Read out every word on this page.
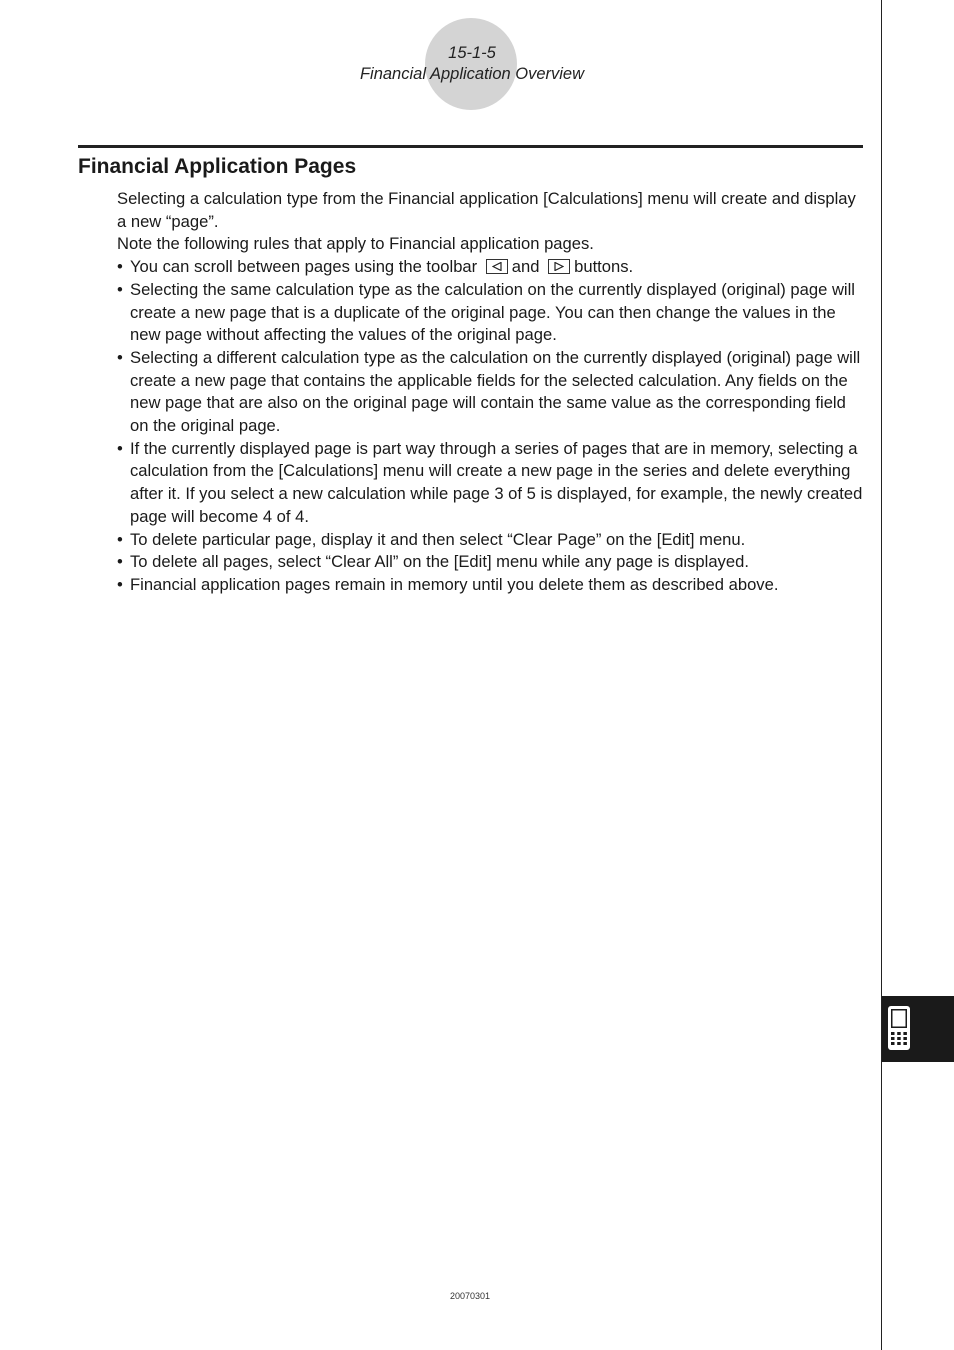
15-1-5
Financial Application Overview
Financial Application Pages

Selecting a calculation type from the Financial application [Calculations] menu will create and display a new “page”.

Note the following rules that apply to Financial application pages.

• You can scroll between pages using the toolbar and buttons.
• Selecting the same calculation type as the calculation on the currently displayed (original) page will create a new page that is a duplicate of the original page. You can then change the values in the new page without affecting the values of the original page.
• Selecting a different calculation type as the calculation on the currently displayed (original) page will create a new page that contains the applicable fields for the selected calculation. Any fields on the new page that are also on the original page will contain the same value as the corresponding field on the original page.
• If the currently displayed page is part way through a series of pages that are in memory, selecting a calculation from the [Calculations] menu will create a new page in the series and delete everything after it. If you select a new calculation while page 3 of 5 is displayed, for example, the newly created page will become 4 of 4.
• To delete particular page, display it and then select “Clear Page” on the [Edit] menu.
• To delete all pages, select “Clear All” on the [Edit] menu while any page is displayed.
• Financial application pages remain in memory until you delete them as described above.
20070301
